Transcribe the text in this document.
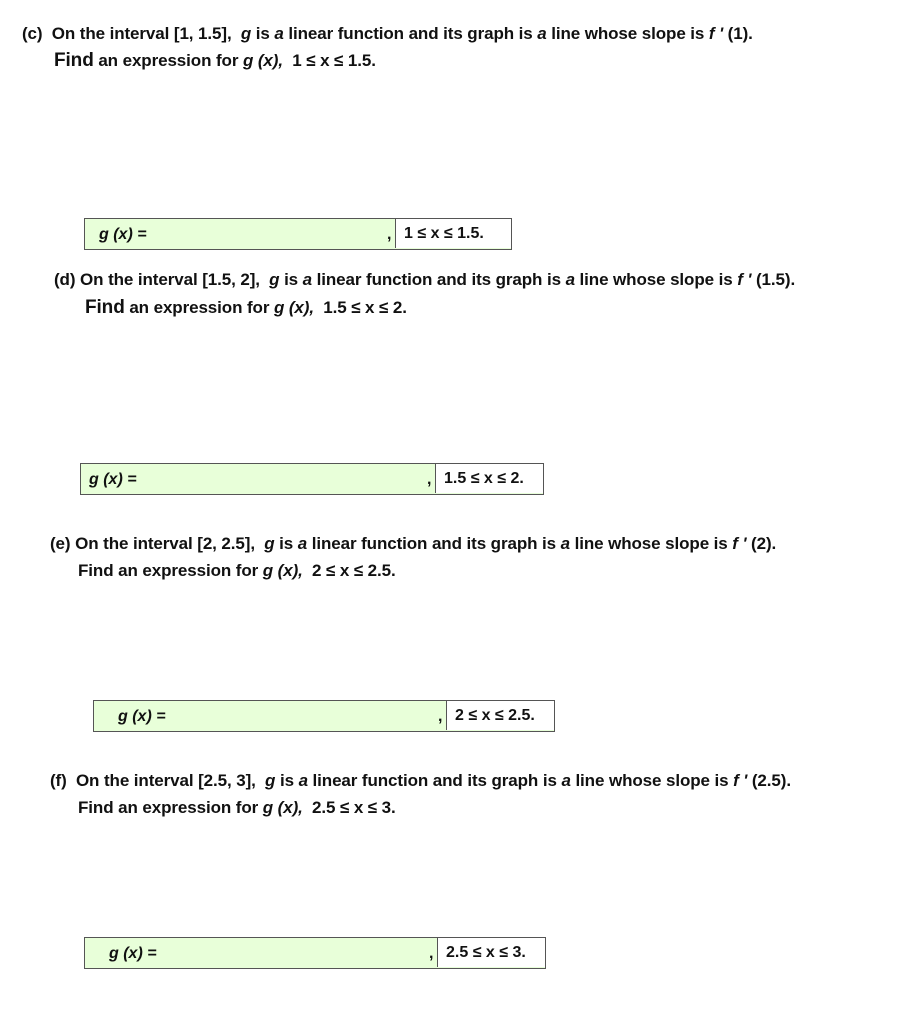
(c) On the interval [1, 1.5], g is a linear function and its graph is a line whose slope is f ' (1).
Find an expression for g (x), 1 ≤ x ≤ 1.5.
g (x) =	, 1 ≤ x ≤ 1.5.
(d) On the interval [1.5, 2], g is a linear function and its graph is a line whose slope is f ' (1.5).
Find an expression for g (x), 1.5 ≤ x ≤ 2.
g (x) =	, 1.5 ≤ x ≤ 2.
(e) On the interval [2, 2.5], g is a linear function and its graph is a line whose slope is f ' (2).
Find an expression for g (x), 2 ≤ x ≤ 2.5.
g (x) =	, 2 ≤ x ≤ 2.5.
(f) On the interval [2.5, 3], g is a linear function and its graph is a line whose slope is f ' (2.5).
Find an expression for g (x), 2.5 ≤ x ≤ 3.
g (x) =	, 2.5 ≤ x ≤ 3.
